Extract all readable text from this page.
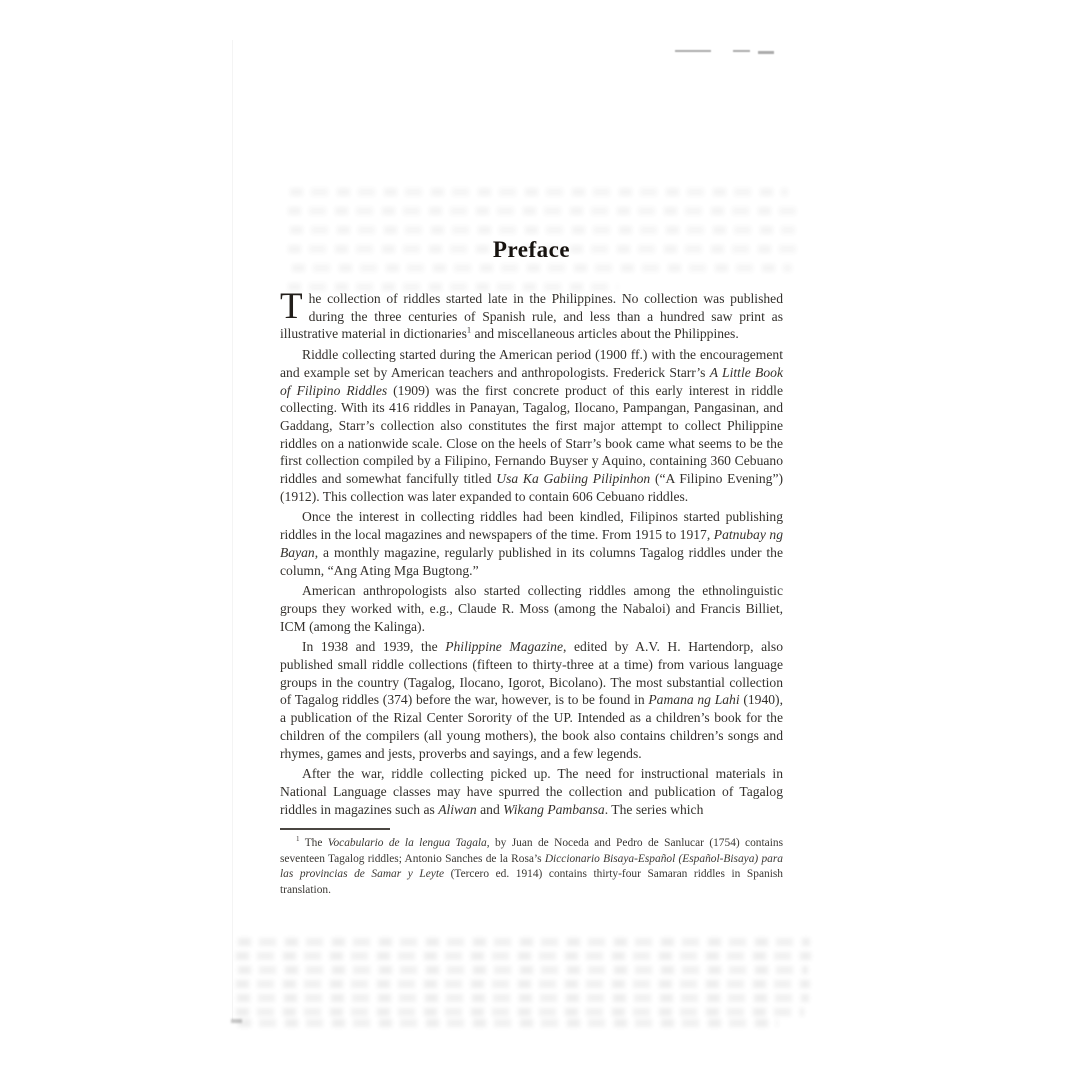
Preface

The collection of riddles started late in the Philippines. No collection was published during the three centuries of Spanish rule, and less than a hundred saw print as illustrative material in dictionaries$^1$ and miscellaneous articles about the Philippines.

Riddle collecting started during the American period (1900 ff.) with the encouragement and example set by American teachers and anthropologists. Frederick Starr’s A Little Book of Filipino Riddles (1909) was the first concrete product of this early interest in riddle collecting. With its 416 riddles in Panayan, Tagalog, Ilocano, Pampangan, Pangasinan, and Gaddang, Starr’s collection also constitutes the first major attempt to collect Philippine riddles on a nationwide scale. Close on the heels of Starr’s book came what seems to be the first collection compiled by a Filipino, Fernando Buyser y Aquino, containing 360 Cebuano riddles and somewhat fancifully titled Usa Ka Gabiing Pilipinhon (“A Filipino Evening”)(1912). This collection was later expanded to contain 606 Cebuano riddles.

Once the interest in collecting riddles had been kindled, Filipinos started publishing riddles in the local magazines and newspapers of the time. From 1915 to 1917, Patnubay ng Bayan, a monthly magazine, regularly published in its columns Tagalog riddles under the column, “Ang Ating Mga Bugtong.”

American anthropologists also started collecting riddles among the ethnolinguistic groups they worked with, e.g., Claude R. Moss (among the Nabaloi) and Francis Billiet, ICM (among the Kalinga).

In 1938 and 1939, the Philippine Magazine, edited by A.V. H. Hartendorp, also published small riddle collections (fifteen to thirty-three at a time) from various language groups in the country (Tagalog, Ilocano, Igorot, Bicolano). The most substantial collection of Tagalog riddles (374) before the war, however, is to be found in Pamana ng Lahi (1940), a publication of the Rizal Center Sorority of the UP. Intended as a children’s book for the children of the compilers (all young mothers), the book also contains children’s songs and rhymes, games and jests, proverbs and sayings, and a few legends.

After the war, riddle collecting picked up. The need for instructional materials in National Language classes may have spurred the collection and publication of Tagalog riddles in magazines such as Aliwan and Wikang Pambansa. The series which

$^1$ The Vocabulario de la lengua Tagala, by Juan de Noceda and Pedro de Sanlucar (1754) contains seventeen Tagalog riddles; Antonio Sanches de la Rosa’s Diccionario Bisaya-Español (Español-Bisaya) para las provincias de Samar y Leyte (Tercero ed. 1914) contains thirty-four Samaran riddles in Spanish translation.
